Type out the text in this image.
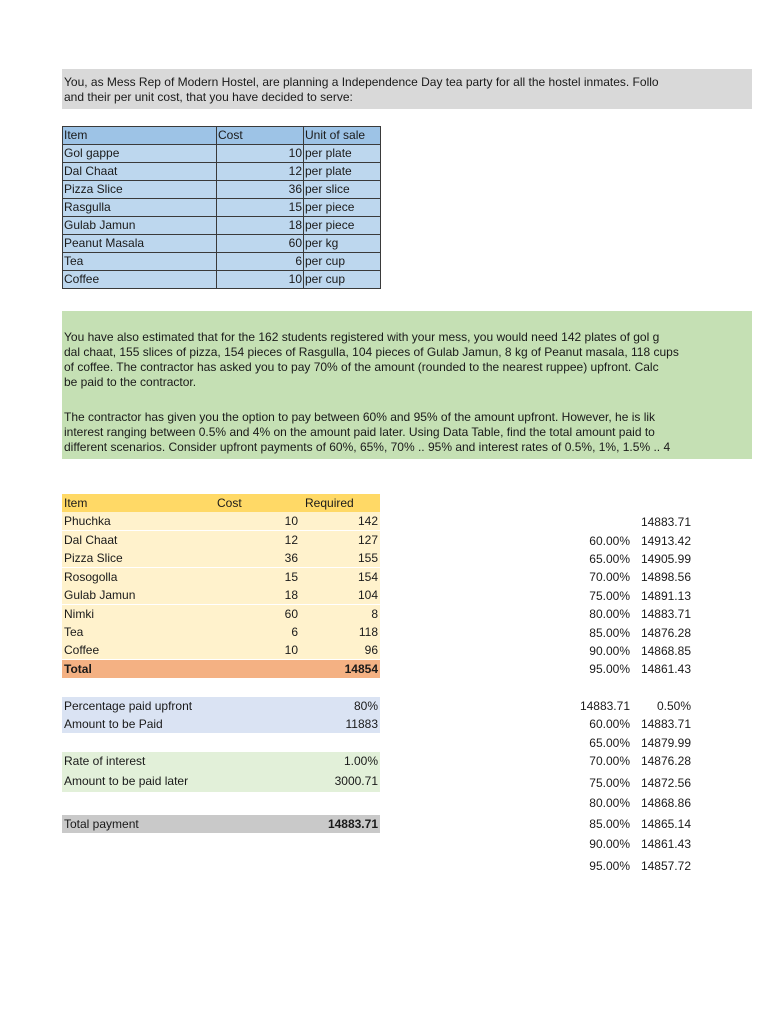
You, as Mess Rep of Modern Hostel, are planning a Independence Day tea party for all the hostel inmates. Follo

and their per unit cost, that you have decided to serve:

Item	Cost	Unit of sale
Gol gappe	10	per plate
Dal Chaat	12	per plate
Pizza Slice	36	per slice
Rasgulla	15	per piece
Gulab Jamun	18	per piece
Peanut Masala	60	per kg
Tea	6	per cup
Coffee	10	per cup

You have also estimated that for the 162 students registered with your mess, you would need 142 plates of gol g

dal chaat, 155 slices of pizza, 154 pieces of Rasgulla, 104 pieces of Gulab Jamun, 8 kg of Peanut masala, 118 cups

of coffee. The contractor has asked you to pay 70% of the amount (rounded to the nearest ruppee) upfront. Calc

be paid to the contractor.

The contractor has given you the option to pay between 60% and 95% of the amount upfront. However, he is lik

interest ranging between 0.5% and 4% on the amount paid later. Using Data Table, find the total amount paid to

different scenarios. Consider upfront payments of 60%, 65%, 70% .. 95% and interest rates of 0.5%, 1%, 1.5% .. 4

Item	Cost	Required
Phuchka	10	142
Dal Chaat	12	127
Pizza Slice	36	155
Rosogolla	15	154
Gulab Jamun	18	104
Nimki	60	8
Tea	6	118
Coffee	10	96
Total	14854
Percentage paid upfront	80%
Amount to be Paid	11883
Rate of interest	1.00%
Amount to be paid later	3000.71
Total payment	14883.71
14883.71
60.00% 14913.42
65.00% 14905.99
70.00% 14898.56
75.00% 14891.13
80.00% 14883.71
85.00% 14876.28
90.00% 14868.85
95.00% 14861.43
14883.71	0.50%
60.00% 14883.71
65.00% 14879.99
70.00% 14876.28
75.00% 14872.56
80.00% 14868.86
85.00% 14865.14
90.00% 14861.43
95.00% 14857.72
